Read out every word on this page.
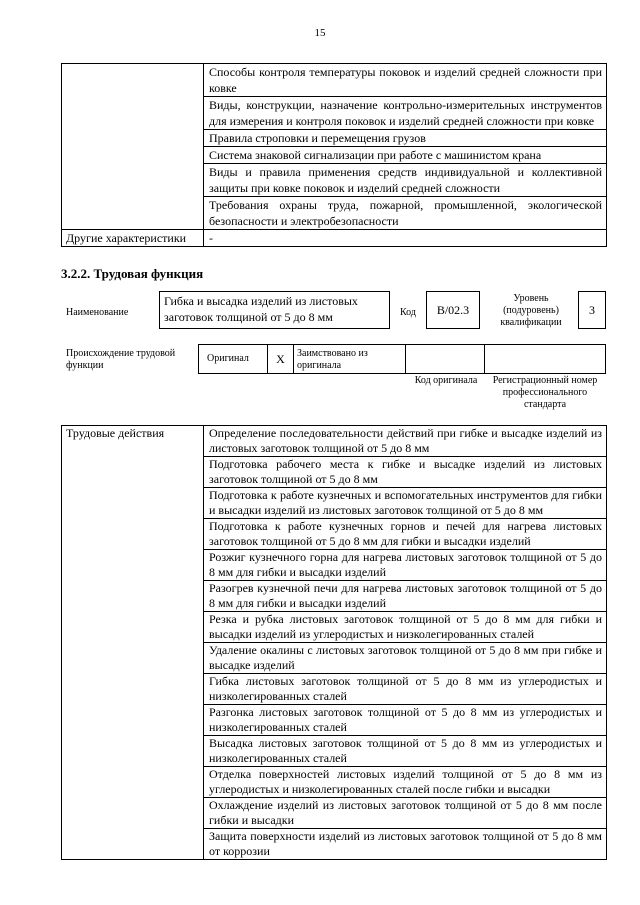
15
	Способы контроля температуры поковок и изделий средней сложности при ковке
	Виды, конструкции, назначение контрольно-измерительных инструментов для измерения и контроля поковок и изделий средней сложности при ковке
	Правила строповки и перемещения грузов
	Система знаковой сигнализации при работе с машинистом крана
	Виды и правила применения средств индивидуальной и коллективной защиты при ковке поковок и изделий средней сложности
	Требования охраны труда, пожарной, промышленной, экологической безопасности и электробезопасности
Другие характеристики	-
3.2.2. Трудовая функция
Наименование
Гибка и высадка изделий из листовых заготовок толщиной от 5 до 8 мм	Код	В/02.3
Уровень (подуровень) квалификации
3
Происхождение трудовой функции
Оригинал	X	Заимствовано из оригинала
Код оригинала	Регистрационный номер профессионального стандарта
Трудовые действия	Определение последовательности действий при гибке и высадке изделий из листовых заготовок толщиной от 5 до 8 мм
Подготовка рабочего места к гибке и высадке изделий из листовых заготовок толщиной от 5 до 8 мм
Подготовка к работе кузнечных и вспомогательных инструментов для гибки и высадки изделий из листовых заготовок толщиной от 5 до 8 мм
Подготовка к работе кузнечных горнов и печей для нагрева листовых заготовок толщиной от 5 до 8 мм для гибки и высадки изделий
Розжиг кузнечного горна для нагрева листовых заготовок толщиной от 5 до 8 мм для гибки и высадки изделий
Разогрев кузнечной печи для нагрева листовых заготовок толщиной от 5 до 8 мм для гибки и высадки изделий
Резка и рубка листовых заготовок толщиной от 5 до 8 мм для гибки и высадки изделий из углеродистых и низколегированных сталей
Удаление окалины с листовых заготовок толщиной от 5 до 8 мм при гибке и высадке изделий
Гибка листовых заготовок толщиной от 5 до 8 мм из углеродистых и низколегированных сталей
Разгонка листовых заготовок толщиной от 5 до 8 мм из углеродистых и низколегированных сталей
Высадка листовых заготовок толщиной от 5 до 8 мм из углеродистых и низколегированных сталей
Отделка поверхностей листовых изделий толщиной от 5 до 8 мм из углеродистых и низколегированных сталей после гибки и высадки
Охлаждение изделий из листовых заготовок толщиной от 5 до 8 мм после гибки и высадки
Защита поверхности изделий из листовых заготовок толщиной от 5 до 8 мм от коррозии
